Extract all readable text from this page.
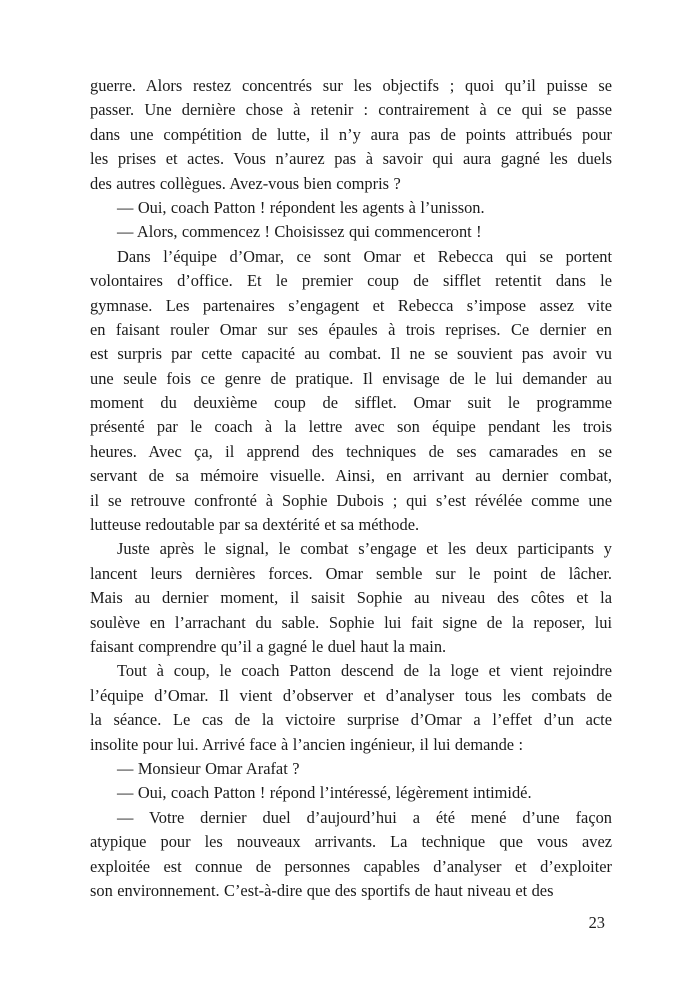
guerre. Alors restez concentrés sur les objectifs ; quoi qu’il puisse se
passer. Une dernière chose à retenir : contrairement à ce qui se passe
dans une compétition de lutte, il n’y aura pas de points attribués pour
les prises et actes. Vous n’aurez pas à savoir qui aura gagné les duels
des autres collègues. Avez-vous bien compris ?
— Oui, coach Patton ! répondent les agents à l’unisson.
— Alors, commencez ! Choisissez qui commenceront !
Dans l’équipe d’Omar, ce sont Omar et Rebecca qui se portent
volontaires d’office. Et le premier coup de sifflet retentit dans le
gymnase. Les partenaires s’engagent et Rebecca s’impose assez vite
en faisant rouler Omar sur ses épaules à trois reprises. Ce dernier en
est surpris par cette capacité au combat. Il ne se souvient pas avoir vu
une seule fois ce genre de pratique. Il envisage de le lui demander au
moment du deuxième coup de sifflet. Omar suit le programme
présenté par le coach à la lettre avec son équipe pendant les trois
heures. Avec ça, il apprend des techniques de ses camarades en se
servant de sa mémoire visuelle. Ainsi, en arrivant au dernier combat,
il se retrouve confronté à Sophie Dubois ; qui s’est révélée comme une
lutteuse redoutable par sa dextérité et sa méthode.
Juste après le signal, le combat s’engage et les deux participants y
lancent leurs dernières forces. Omar semble sur le point de lâcher.
Mais au dernier moment, il saisit Sophie au niveau des côtes et la
soulève en l’arrachant du sable. Sophie lui fait signe de la reposer, lui
faisant comprendre qu’il a gagné le duel haut la main.
Tout à coup, le coach Patton descend de la loge et vient rejoindre
l’équipe d’Omar. Il vient d’observer et d’analyser tous les combats de
la séance. Le cas de la victoire surprise d’Omar a l’effet d’un acte
insolite pour lui. Arrivé face à l’ancien ingénieur, il lui demande :
— Monsieur Omar Arafat ?
— Oui, coach Patton ! répond l’intéressé, légèrement intimidé.
— Votre dernier duel d’aujourd’hui a été mené d’une façon
atypique pour les nouveaux arrivants. La technique que vous avez
exploitée est connue de personnes capables d’analyser et d’exploiter
son environnement. C’est-à-dire que des sportifs de haut niveau et des
23
